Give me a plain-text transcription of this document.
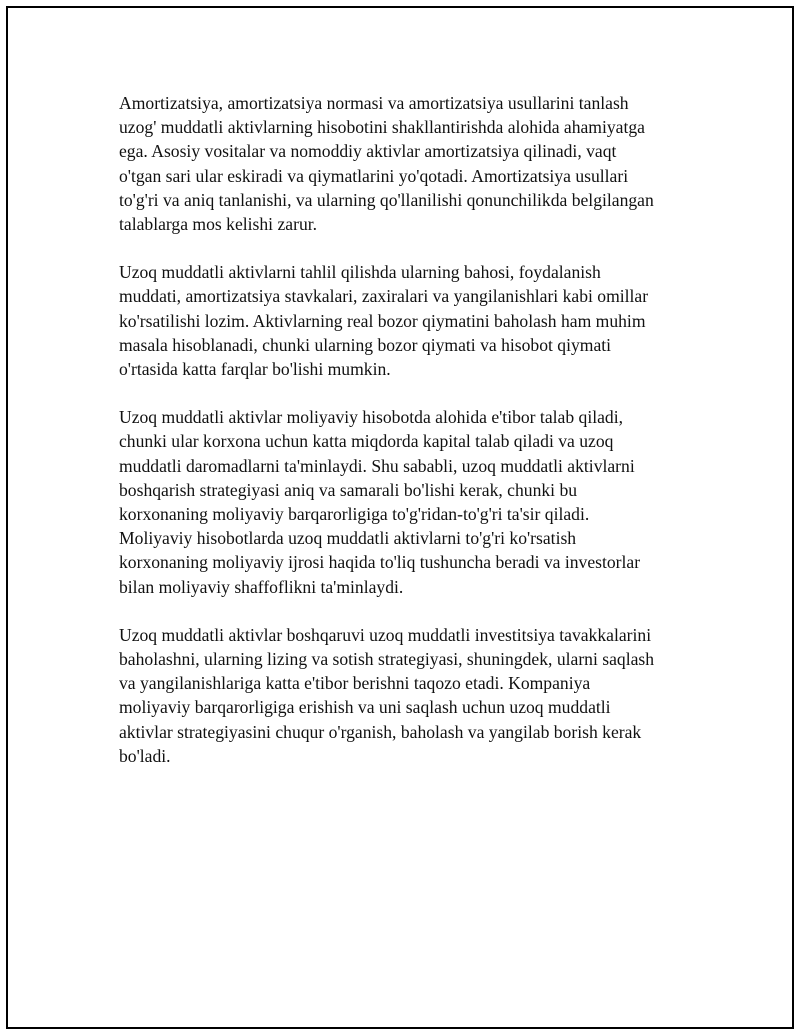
Amortizatsiya, amortizatsiya normasi va amortizatsiya usullarini tanlash
uzog' muddatli aktivlarning hisobotini shakllantirishda alohida ahamiyatga
ega. Asosiy vositalar va nomoddiy aktivlar amortizatsiya qilinadi, vaqt
o'tgan sari ular eskiradi va qiymatlarini yo'qotadi. Amortizatsiya usullari
to'g'ri va aniq tanlanishi, va ularning qo'llanilishi qonunchilikda belgilangan
talablarga mos kelishi zarur.

Uzoq muddatli aktivlarni tahlil qilishda ularning bahosi, foydalanish
muddati, amortizatsiya stavkalari, zaxiralari va yangilanishlari kabi omillar
ko'rsatilishi lozim. Aktivlarning real bozor qiymatini baholash ham muhim
masala hisoblanadi, chunki ularning bozor qiymati va hisobot qiymati
o'rtasida katta farqlar bo'lishi mumkin.

Uzoq muddatli aktivlar moliyaviy hisobotda alohida e'tibor talab qiladi,
chunki ular korxona uchun katta miqdorda kapital talab qiladi va uzoq
muddatli daromadlarni ta'minlaydi. Shu sababli, uzoq muddatli aktivlarni
boshqarish strategiyasi aniq va samarali bo'lishi kerak, chunki bu
korxonaning moliyaviy barqarorligiga to'g'ridan-to'g'ri ta'sir qiladi.
Moliyaviy hisobotlarda uzoq muddatli aktivlarni to'g'ri ko'rsatish
korxonaning moliyaviy ijrosi haqida to'liq tushuncha beradi va investorlar
bilan moliyaviy shaffoflikni ta'minlaydi.

Uzoq muddatli aktivlar boshqaruvi uzoq muddatli investitsiya tavakkalarini
baholashni, ularning lizing va sotish strategiyasi, shuningdek, ularni saqlash
va yangilanishlariga katta e'tibor berishni taqozo etadi. Kompaniya
moliyaviy barqarorligiga erishish va uni saqlash uchun uzoq muddatli
aktivlar strategiyasini chuqur o'rganish, baholash va yangilab borish kerak
bo'ladi.
